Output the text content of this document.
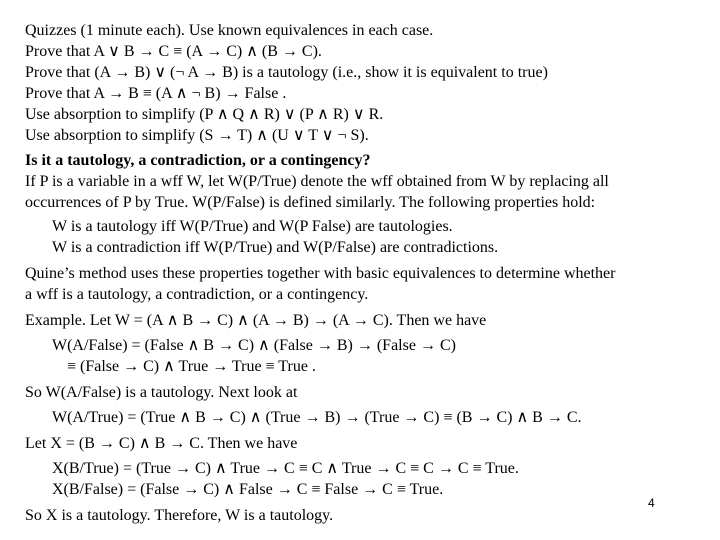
Quizzes (1 minute each). Use known equivalences in each case.
Prove that A ∨ B → C ≡ (A → C) ∧ (B → C).
Prove that (A → B) ∨ (¬ A → B) is a tautology (i.e., show it is equivalent to true)
Prove that A → B ≡ (A ∧ ¬ B) → False .
Use absorption to simplify (P ∧ Q ∧ R) ∨ (P ∧ R) ∨ R.
Use absorption to simplify (S → T) ∧ (U ∨ T ∨ ¬ S).
Is it a tautology, a contradiction, or a contingency?
If P is a variable in a wff W, let W(P/True) denote the wff obtained from W by replacing all
occurrences of P by True. W(P/False) is defined similarly. The following properties hold:
W is a tautology iff W(P/True) and W(P False) are tautologies.
W is a contradiction iff W(P/True) and W(P/False) are contradictions.
Quine’s method uses these properties together with basic equivalences to determine whether
a wff is a tautology, a contradiction, or a contingency.
Example. Let W = (A ∧ B → C) ∧ (A → B) → (A → C). Then we have
W(A/False) = (False ∧ B → C) ∧ (False → B) → (False → C)
≡ (False → C) ∧ True → True ≡ True .
So W(A/False) is a tautology. Next look at
W(A/True) = (True ∧ B → C) ∧ (True → B) → (True → C) ≡ (B → C) ∧ B → C.
Let X = (B → C) ∧ B → C. Then we have
X(B/True) = (True → C) ∧ True → C ≡ C ∧ True → C ≡ C → C ≡ True.
X(B/False) = (False → C) ∧ False → C ≡ False → C ≡ True.
So X is a tautology. Therefore, W is a tautology.
4
